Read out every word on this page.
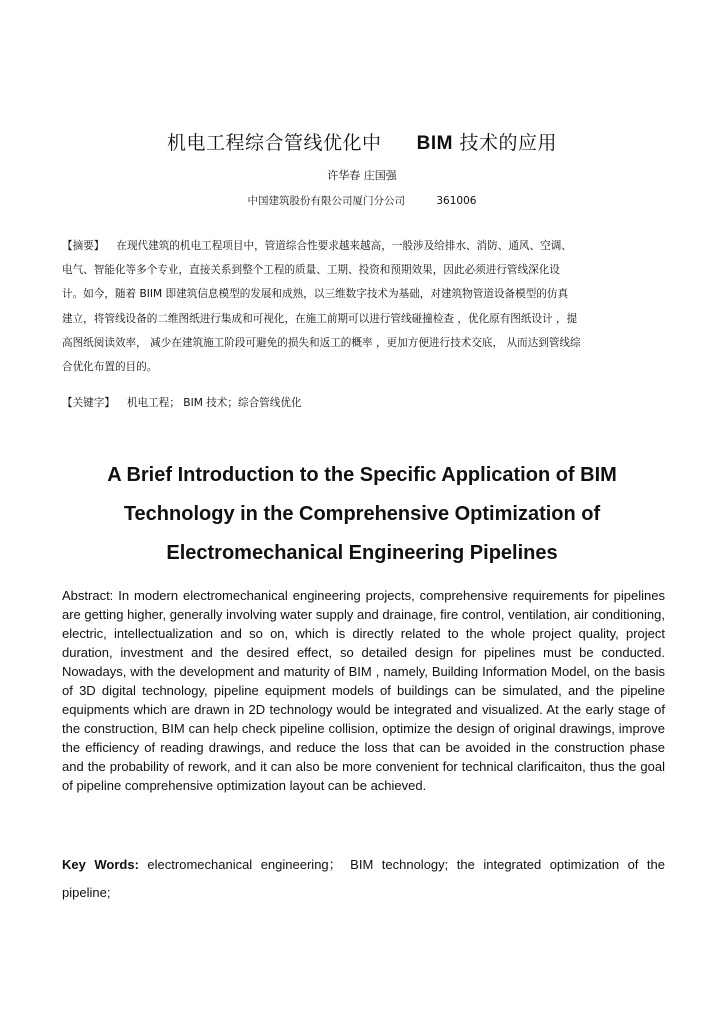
机电工程综合管线优化中 BIM 技术的应用
许华春 庄国强
中国建筑股份有限公司厦门分公司	361006
【摘要】 在现代建筑的机电工程项目中，管道综合性要求越来越高，一般涉及给排水、消防、通风、空调、
电气、智能化等多个专业，直接关系到整个工程的质量、工期、投资和预期效果，因此必须进行管线深化设
计。如今，随着 BIIM 即建筑信息模型的发展和成熟，以三维数字技术为基础，对建筑物管道设备模型的仿真
建立，将管线设备的二维图纸进行集成和可视化，在施工前期可以进行管线碰撞检查 ，优化原有图纸设计 ，提
高图纸阅读效率， 减少在建筑施工阶段可避免的损失和返工的概率 ，更加方便进行技术交底， 从而达到管线综
合优化布置的目的。
【关键字】 机电工程； BIM 技术；综合管线优化
A Brief Introduction to the Specific Application of BIM
Technology in the Comprehensive Optimization of
Electromechanical Engineering Pipelines
Abstract: In modern electromechanical engineering projects, comprehensive requirements for pipelines are getting higher, generally involving water supply and drainage, fire control, ventilation, air conditioning, electric, intellectualization and so on, which is directly related to the whole project quality, project duration, investment and the desired effect, so detailed design for pipelines must be conducted. Nowadays, with the development and maturity of BIM , namely, Building Information Model, on the basis of 3D digital technology, pipeline equipment models of buildings can be simulated, and the pipeline equipments which are drawn in 2D technology would be integrated and visualized. At the early stage of the construction, BIM can help check pipeline collision, optimize the design of original drawings, improve the efficiency of reading drawings, and reduce the loss that can be avoided in the construction phase and the probability of rework, and it can also be more convenient for technical clarificaiton, thus the goal of pipeline comprehensive optimization layout can be achieved.
Key Words: electromechanical engineering； BIM technology; the integrated optimization of the pipeline;
